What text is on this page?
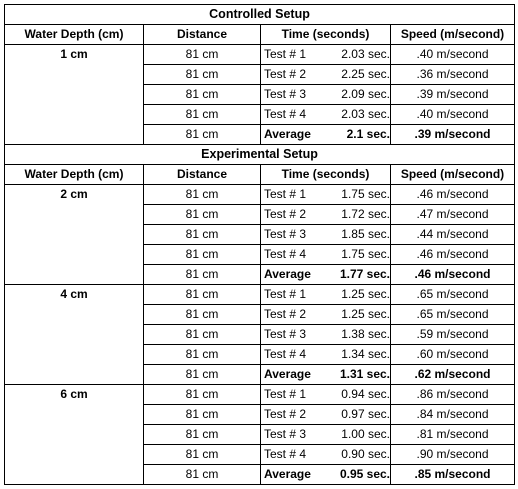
Controlled Setup			
Water Depth (cm)	Distance	Time (seconds)	Speed (m/second)
1 cm	81 cm	Test # 1 2.03 sec.	.40 m/second
	81 cm	Test # 2 2.25 sec.	.36 m/second
	81 cm	Test # 3 2.09 sec.	.39 m/second
	81 cm	Test # 4 2.03 sec.	.40 m/second
	81 cm	Average 2.1 sec.	.39 m/second
Experimental Setup			
Water Depth (cm)	Distance	Time (seconds)	Speed (m/second)
2 cm	81 cm	Test # 1 1.75 sec.	.46 m/second
	81 cm	Test # 2 1.72 sec.	.47 m/second
	81 cm	Test # 3 1.85 sec.	.44 m/second
	81 cm	Test # 4 1.75 sec.	.46 m/second
	81 cm	Average 1.77 sec.	.46 m/second
4 cm	81 cm	Test # 1 1.25 sec.	.65 m/second
	81 cm	Test # 2 1.25 sec.	.65 m/second
	81 cm	Test # 3 1.38 sec.	.59 m/second
	81 cm	Test # 4 1.34 sec.	.60 m/second
	81 cm	Average 1.31 sec.	.62 m/second
6 cm	81 cm	Test # 1 0.94 sec.	.86 m/second
	81 cm	Test # 2 0.97 sec.	.84 m/second
	81 cm	Test # 3 1.00 sec.	.81 m/second
	81 cm	Test # 4 0.90 sec.	.90 m/second
	81 cm	Average 0.95 sec.	.85 m/second
